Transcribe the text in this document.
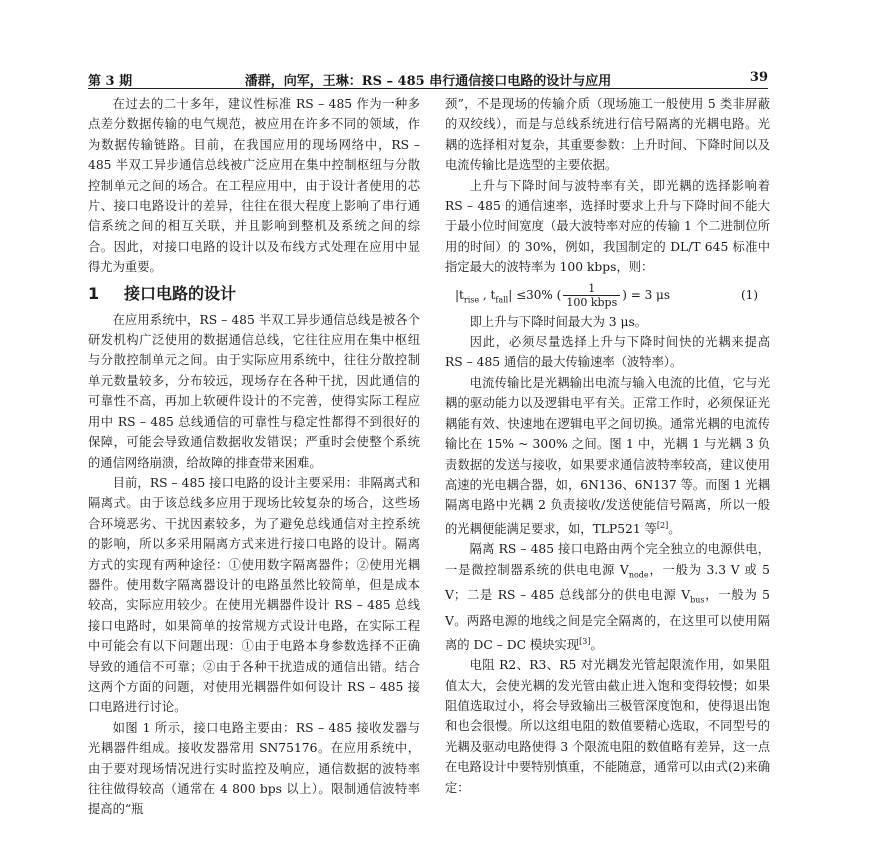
第 3 期	潘群，向军，王琳：RS – 485 串行通信接口电路的设计与应用	39

在过去的二十多年，建议性标准 RS – 485 作为一种多点差分数据传输的电气规范，被应用在许多不同的领域，作为数据传输链路。目前，在我国应用的现场网络中，RS – 485 半双工异步通信总线被广泛应用在集中控制枢纽与分散控制单元之间的场合。在工程应用中，由于设计者使用的芯片、接口电路设计的差异，往往在很大程度上影响了串行通信系统之间的相互关联，并且影响到整机及系统之间的综合。因此，对接口电路的设计以及布线方式处理在应用中显得尤为重要。

1 接口电路的设计

在应用系统中，RS – 485 半双工异步通信总线是被各个研发机构广泛使用的数据通信总线，它往往应用在集中枢纽与分散控制单元之间。由于实际应用系统中，往往分散控制单元数量较多，分布较远，现场存在各种干扰，因此通信的可靠性不高，再加上软硬件设计的不完善，使得实际工程应用中 RS – 485 总线通信的可靠性与稳定性都得不到很好的保障，可能会导致通信数据收发错误；严重时会使整个系统的通信网络崩溃，给故障的排查带来困难。

目前，RS – 485 接口电路的设计主要采用：非隔离式和隔离式。由于该总线多应用于现场比较复杂的场合，这些场合环境恶劣、干扰因素较多，为了避免总线通信对主控系统的影响，所以多采用隔离方式来进行接口电路的设计。隔离方式的实现有两种途径：①使用数字隔离器件；②使用光耦器件。使用数字隔离器设计的电路虽然比较简单，但是成本较高，实际应用较少。在使用光耦器件设计 RS – 485 总线接口电路时，如果简单的按常规方式设计电路，在实际工程中可能会有以下问题出现：①由于电路本身参数选择不正确导致的通信不可靠；②由于各种干扰造成的通信出错。结合这两个方面的问题，对使用光耦器件如何设计 RS – 485 接口电路进行讨论。

如图 1 所示，接口电路主要由：RS – 485 接收发器与光耦器件组成。接收发器常用 SN75176。在应用系统中，由于要对现场情况进行实时监控及响应，通信数据的波特率往往做得较高（通常在 4 800 bps 以上）。限制通信波特率提高的“瓶

颈”，不是现场的传输介质（现场施工一般使用 5 类非屏蔽的双绞线），而是与总线系统进行信号隔离的光耦电路。光耦的选择相对复杂，其重要参数：上升时间、下降时间以及电流传输比是选型的主要依据。

上升与下降时间与波特率有关，即光耦的选择影响着 RS – 485 的通信速率，选择时要求上升与下降时间不能大于最小位时间宽度（最大波特率对应的传输 1 个二进制位所用的时间）的 30%，例如，我国制定的 DL/T 645 标准中指定最大的波特率为 100 kbps，则：

$|t_{rise}$ , $t_{fall}| \le 30\%$ ( $\frac{1}{\text{100 kbps}}$ ) = 3 μs	(1)

即上升与下降时间最大为 3 μs。

因此，必须尽量选择上升与下降时间快的光耦来提高 RS – 485 通信的最大传输速率（波特率）。

电流传输比是光耦输出电流与输入电流的比值，它与光耦的驱动能力以及逻辑电平有关。正常工作时，必须保证光耦能有效、快速地在逻辑电平之间切换。通常光耦的电流传输比在 15% ~ 300% 之间。图 1 中，光耦 1 与光耦 3 负责数据的发送与接收，如果要求通信波特率较高，建议使用高速的光电耦合器，如，6N136、6N137 等。而图 1 光耦隔离电路中光耦 2 负责接收/发送使能信号隔离，所以一般的光耦便能满足要求，如，TLP521 等[2]。

隔离 RS – 485 接口电路由两个完全独立的电源供电，一是微控制器系统的供电电源 $V_{node}$，一般为 3.3 V 或 5 V；二是 RS – 485 总线部分的供电电源 $V_{bus}$，一般为 5 V。两路电源的地线之间是完全隔离的，在这里可以使用隔离的 DC – DC 模块实现[3]。

电阻 R2、R3、R5 对光耦发光管起限流作用，如果阻值太大，会使光耦的发光管由截止进入饱和变得较慢；如果阻值选取过小，将会导致输出三极管深度饱和，使得退出饱和也会很慢。所以这组电阻的数值要精心选取，不同型号的光耦及驱动电路使得 3 个限流电阻的数值略有差异，这一点在电路设计中要特别慎重，不能随意，通常可以由式(2)来确定：
